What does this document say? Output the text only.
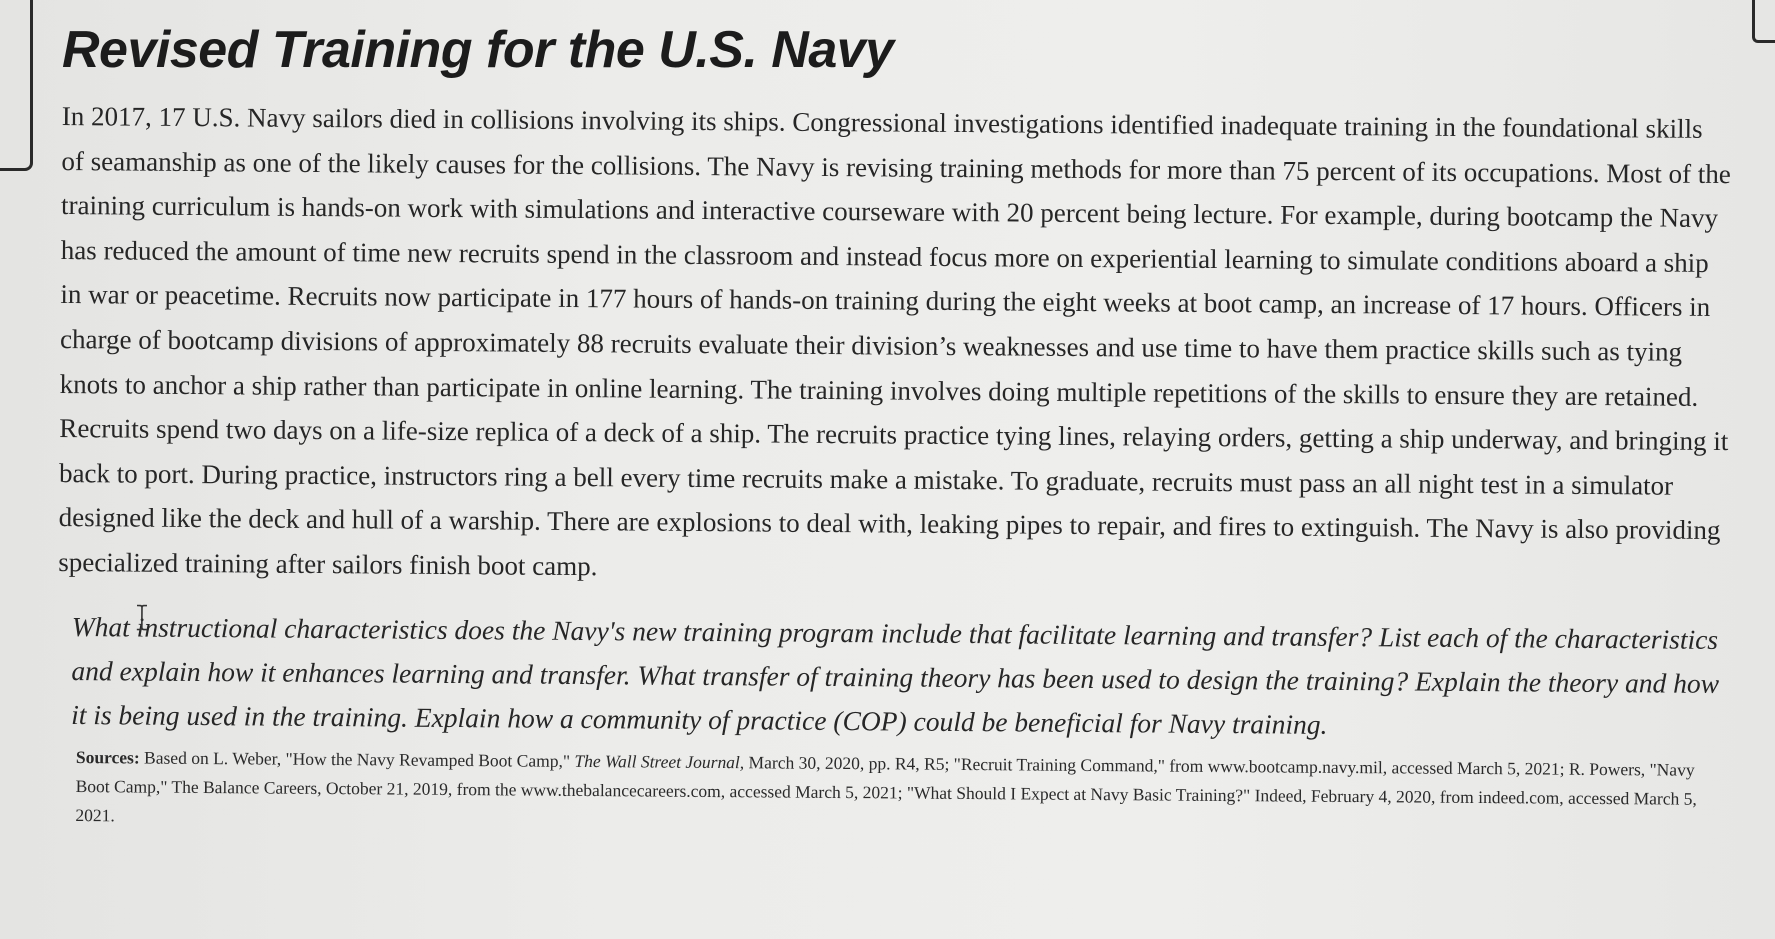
Revised Training for the U.S. Navy

In 2017, 17 U.S. Navy sailors died in collisions involving its ships. Congressional investigations identified inadequate training in the foundational skills of seamanship as one of the likely causes for the collisions. The Navy is revising training methods for more than 75 percent of its occupations. Most of the training curriculum is hands-on work with simulations and interactive courseware with 20 percent being lecture. For example, during bootcamp the Navy has reduced the amount of time new recruits spend in the classroom and instead focus more on experiential learning to simulate conditions aboard a ship in war or peacetime. Recruits now participate in 177 hours of hands-on training during the eight weeks at boot camp, an increase of 17 hours. Officers in charge of bootcamp divisions of approximately 88 recruits evaluate their division’s weaknesses and use time to have them practice skills such as tying knots to anchor a ship rather than participate in online learning. The training involves doing multiple repetitions of the skills to ensure they are retained. Recruits spend two days on a life-size replica of a deck of a ship. The recruits practice tying lines, relaying orders, getting a ship underway, and bringing it back to port. During practice, instructors ring a bell every time recruits make a mistake. To graduate, recruits must pass an all night test in a simulator designed like the deck and hull of a warship. There are explosions to deal with, leaking pipes to repair, and fires to extinguish. The Navy is also providing specialized training after sailors finish boot camp.

What instructional characteristics does the Navy's new training program include that facilitate learning and transfer? List each of the characteristics and explain how it enhances learning and transfer. What transfer of training theory has been used to design the training? Explain the theory and how it is being used in the training. Explain how a community of practice (COP) could be beneficial for Navy training.

Sources: Based on L. Weber, "How the Navy Revamped Boot Camp," The Wall Street Journal, March 30, 2020, pp. R4, R5; "Recruit Training Command," from www.bootcamp.navy.mil, accessed March 5, 2021; R. Powers, "Navy Boot Camp," The Balance Careers, October 21, 2019, from the www.thebalancecareers.com, accessed March 5, 2021; "What Should I Expect at Navy Basic Training?" Indeed, February 4, 2020, from indeed.com, accessed March 5, 2021.
